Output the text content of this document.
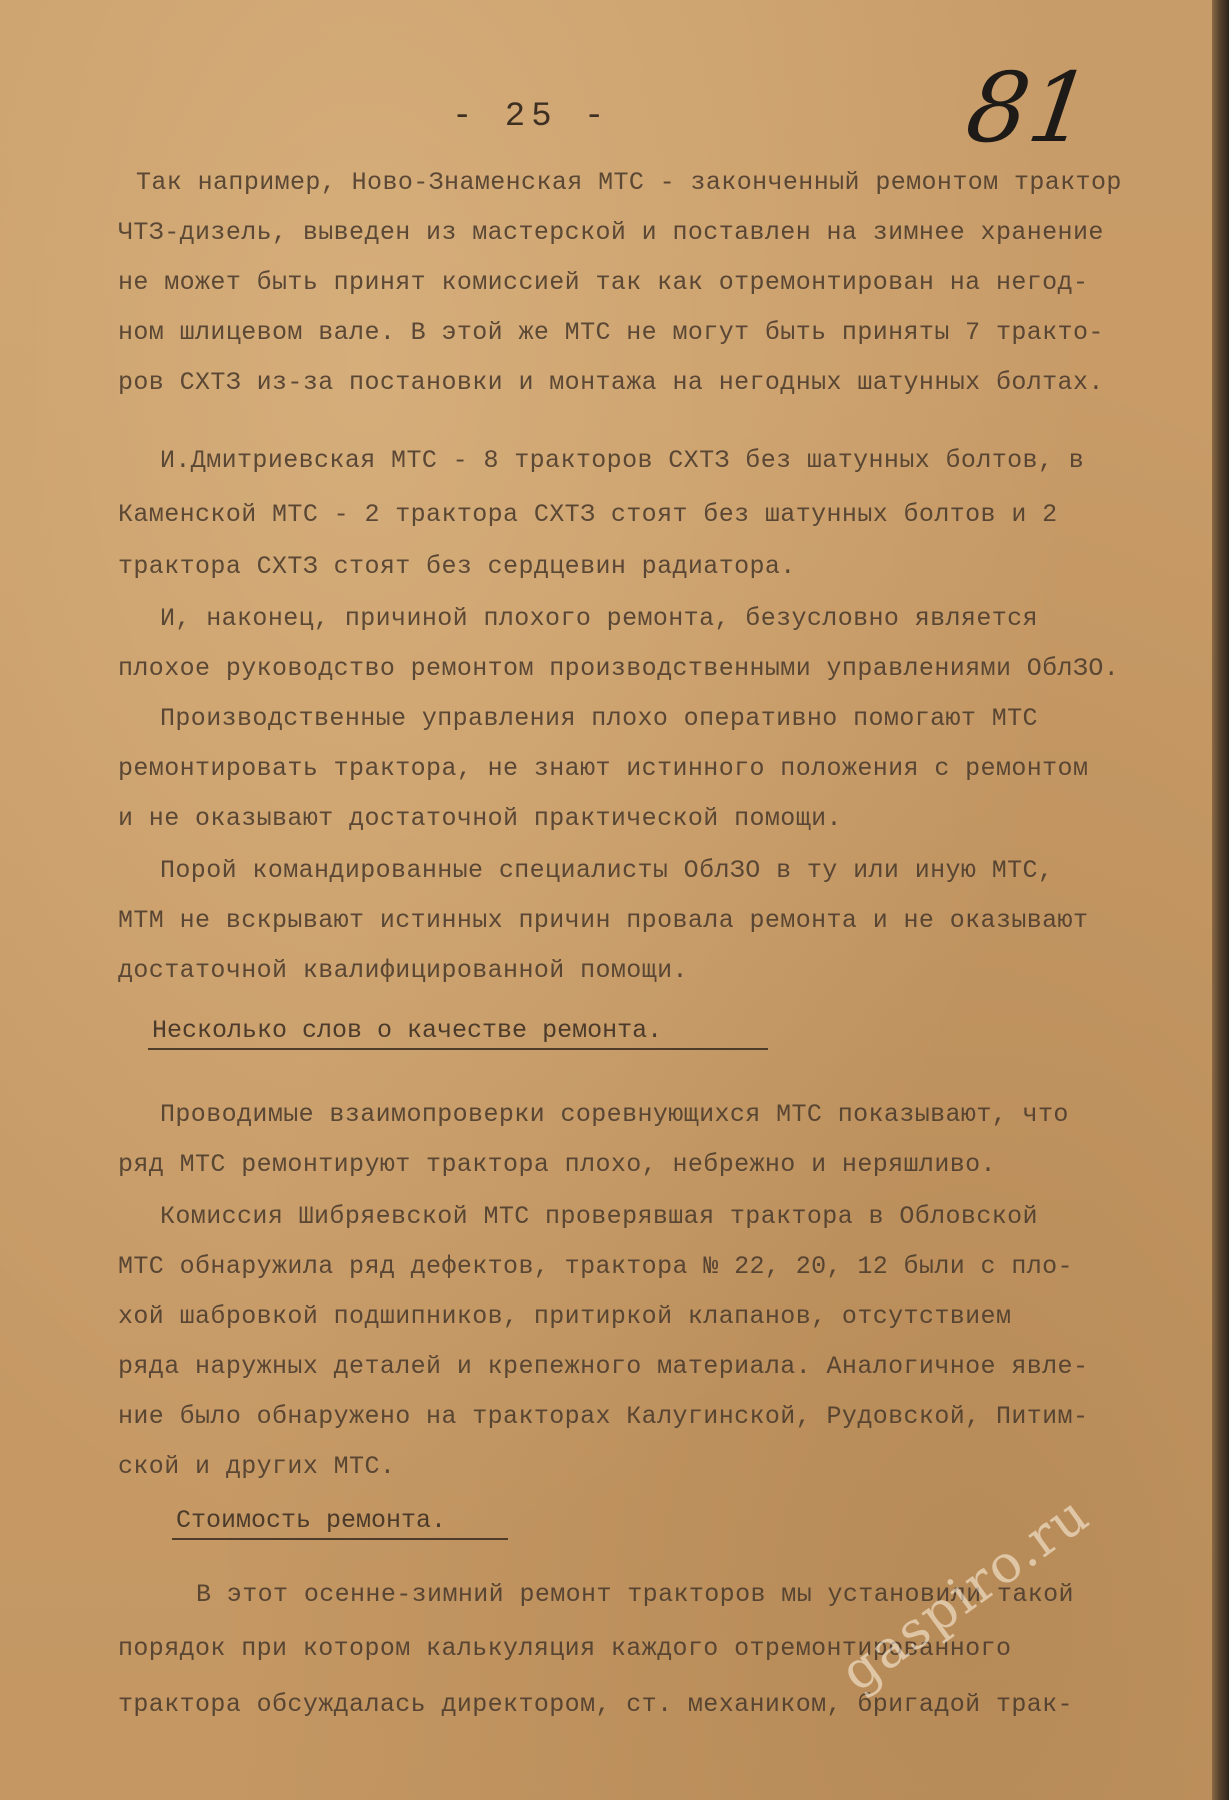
- 25 -	81
Так например, Ново-Знаменская МТС - законченный ремонтом трактор
ЧТЗ-дизель, выведен из мастерской и поставлен на зимнее хранение
не может быть принят комиссией так как отремонтирован на негод-
ном шлицевом вале. В этой же МТС не могут быть приняты 7 тракто-
ров СХТЗ из-за постановки и монтажа на негодных шатунных болтах.
И.Дмитриевская МТС - 8 тракторов СХТЗ без шатунных болтов, в
Каменской МТС - 2 трактора СХТЗ стоят без шатунных болтов и 2
трактора СХТЗ стоят без сердцевин радиатора.
И, наконец, причиной плохого ремонта, безусловно является
плохое руководство ремонтом производственными управлениями ОблЗО.
Производственные управления плохо оперативно помогают МТС
ремонтировать трактора, не знают истинного положения с ремонтом
и не оказывают достаточной практической помощи.
Порой командированные специалисты ОблЗО в ту или иную МТС,
МТМ не вскрывают истинных причин провала ремонта и не оказывают
достаточной квалифицированной помощи.
Несколько слов о качестве ремонта.
Проводимые взаимопроверки соревнующихся МТС показывают, что
ряд МТС ремонтируют трактора плохо, небрежно и неряшливо.
Комиссия Шибряевской МТС проверявшая трактора в Обловской
МТС обнаружила ряд дефектов, трактора № 22, 20, 12 были с пло-
хой шабровкой подшипников, притиркой клапанов, отсутствием
ряда наружных деталей и крепежного материала. Аналогичное явле-
ние было обнаружено на тракторах Калугинской, Рудовской, Питим-
ской и других МТС.
Стоимость ремонта.
В этот осенне-зимний ремонт тракторов мы установили такой
порядок при котором калькуляция каждого отремонтированного
трактора обсуждалась директором, ст. механиком, бригадой трак-
gaspiro.ru
